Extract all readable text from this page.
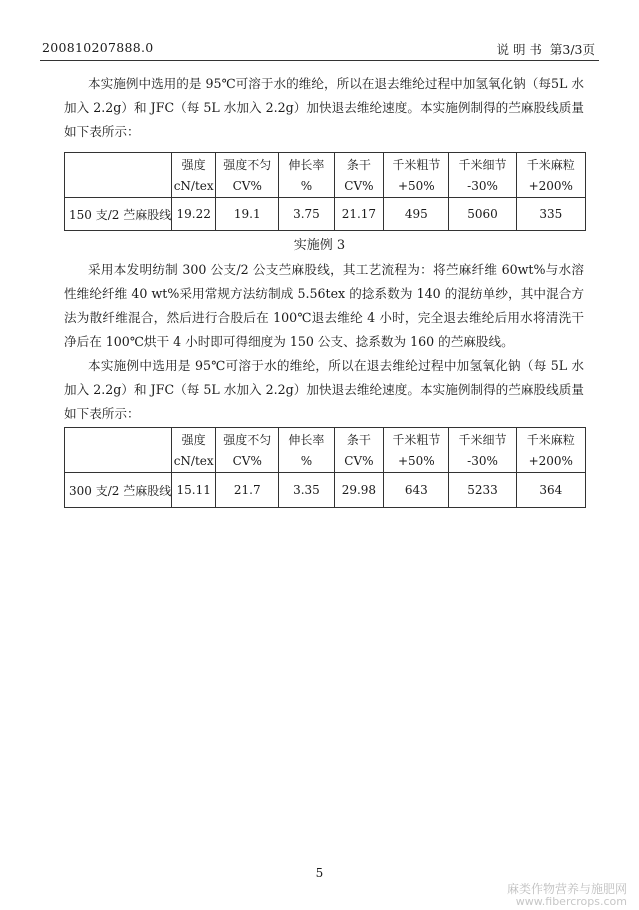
200810207888.0	说 明 书 第3/3页
本实施例中选用的是 95℃可溶于水的维纶，所以在退去维纶过程中加氢氧化钠（每5L 水加入 2.2g）和 JFC（每 5L 水加入 2.2g）加快退去维纶速度。本实施例制得的苎麻股线质量如下表所示：
	强度	强度不匀	伸长率	条干	千米粗节	千米细节	千米麻粒
	cN/tex	CV%	%	CV%	+50%	-30%	+200%
150 支/2 苎麻股线	19.22	19.1	3.75	21.17	495	5060	335
实施例 3
采用本发明纺制 300 公支/2 公支苎麻股线，其工艺流程为：将苎麻纤维 60wt%与水溶性维纶纤维 40 wt%采用常规方法纺制成 5.56tex 的捻系数为 140 的混纺单纱，其中混合方法为散纤维混合，然后进行合股后在 100℃退去维纶 4 小时，完全退去维纶后用水将清洗干净后在 100℃烘干 4 小时即可得细度为 150 公支、捻系数为 160 的苎麻股线。
本实施例中选用是 95℃可溶于水的维纶，所以在退去维纶过程中加氢氧化钠（每 5L 水加入 2.2g）和 JFC（每 5L 水加入 2.2g）加快退去维纶速度。本实施例制得的苎麻股线质量如下表所示：
	强度	强度不匀	伸长率	条干	千米粗节	千米细节	千米麻粒
	cN/tex	CV%	%	CV%	+50%	-30%	+200%
300 支/2 苎麻股线	15.11	21.7	3.35	29.98	643	5233	364
5
麻类作物营养与施肥网
www.fibercrops.com
